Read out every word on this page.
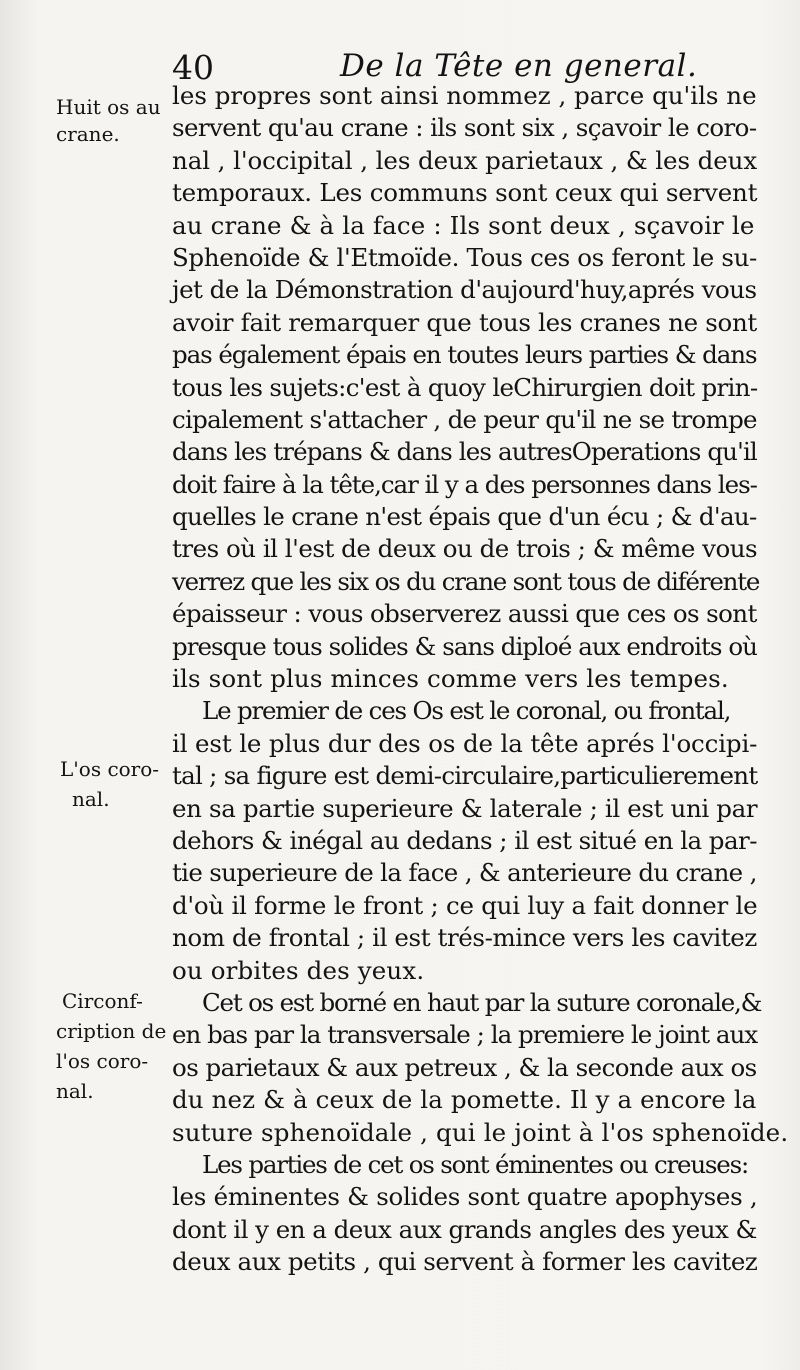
40	De la Tête en general.
Huit os au
crane.
L'os coro-
nal.
Circonf-
cription de
l'os coro-
nal.
les propres sont ainsi nommez , parce qu'ils ne
servent qu'au crane : ils sont six , sçavoir le coro-
nal , l'occipital , les deux parietaux , & les deux
temporaux. Les communs sont ceux qui servent
au crane & à la face : Ils sont deux , sçavoir le
Sphenoïde & l'Etmoïde. Tous ces os feront le su-
jet de la Démonstration d'aujourd'huy,aprés vous
avoir fait remarquer que tous les cranes ne sont
pas également épais en toutes leurs parties & dans
tous les sujets:c'est à quoy leChirurgien doit prin-
cipalement s'attacher , de peur qu'il ne se trompe
dans les trépans & dans les autresOperations qu'il
doit faire à la tête,car il y a des personnes dans les-
quelles le crane n'est épais que d'un écu ; & d'au-
tres où il l'est de deux ou de trois ; & même vous
verrez que les six os du crane sont tous de diférente
épaisseur : vous observerez aussi que ces os sont
presque tous solides & sans diploé aux endroits où
ils sont plus minces comme vers les tempes.
Le premier de ces Os est le coronal, ou frontal,
il est le plus dur des os de la tête aprés l'occipi-
tal ; sa figure est demi-circulaire,particulierement
en sa partie superieure & laterale ; il est uni par
dehors & inégal au dedans ; il est situé en la par-
tie superieure de la face , & anterieure du crane ,
d'où il forme le front ; ce qui luy a fait donner le
nom de frontal ; il est trés-mince vers les cavitez
ou orbites des yeux.
Cet os est borné en haut par la suture coronale,&
en bas par la transversale ; la premiere le joint aux
os parietaux & aux petreux , & la seconde aux os
du nez & à ceux de la pomette. Il y a encore la
suture sphenoïdale , qui le joint à l'os sphenoïde.
Les parties de cet os sont éminentes ou creuses:
les éminentes & solides sont quatre apophyses ,
dont il y en a deux aux grands angles des yeux &
deux aux petits , qui servent à former les cavitez
